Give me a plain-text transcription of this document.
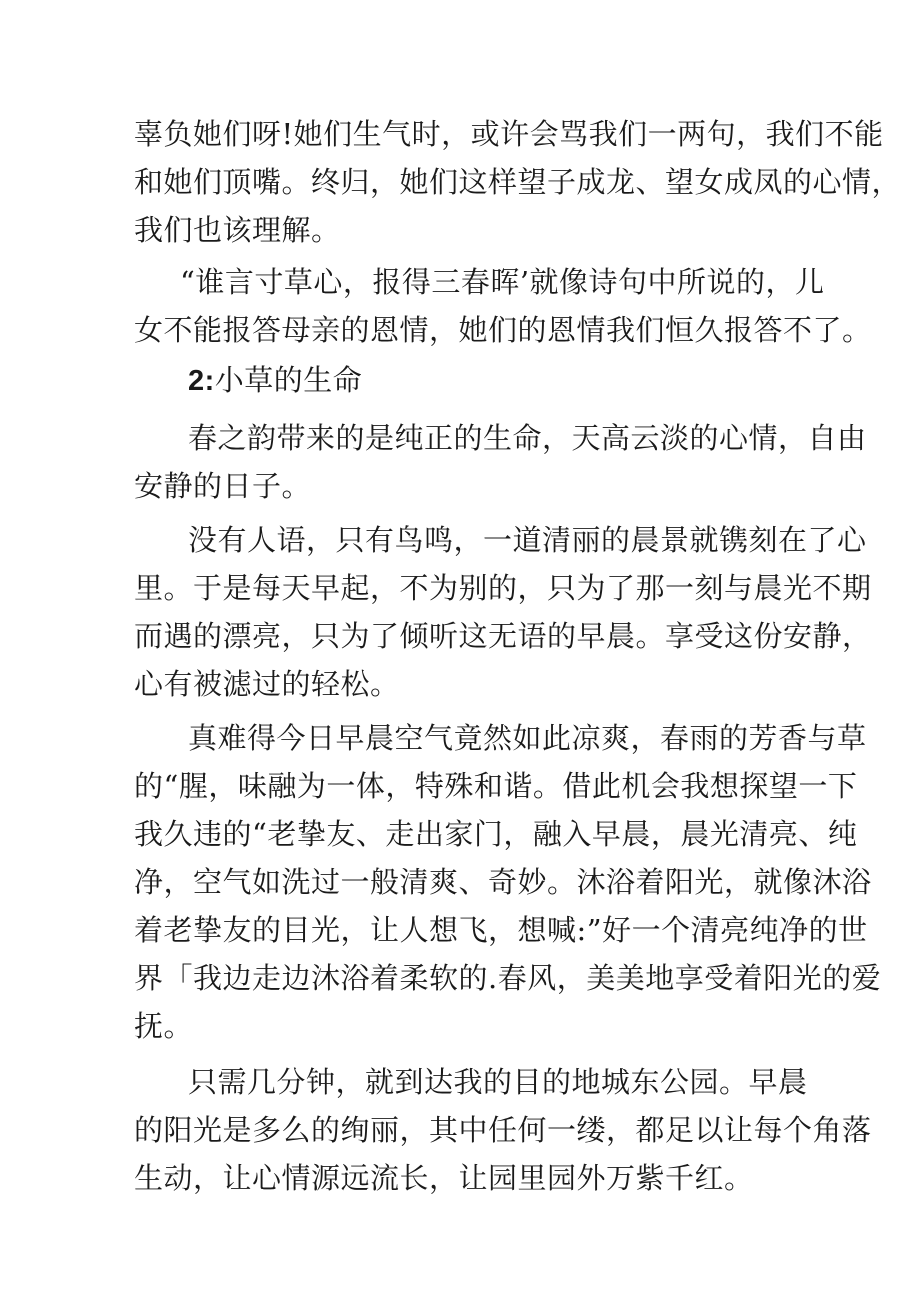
辜负她们呀!她们生气时，或许会骂我们一两句，我们不能
和她们顶嘴。终归，她们这样望子成龙、望女成凤的心情，
我们也该理解。
“谁言寸草心，报得三春晖’就像诗句中所说的，儿
女不能报答母亲的恩情，她们的恩情我们恒久报答不了。
2:小草的生命
春之韵带来的是纯正的生命，天高云淡的心情，自由
安静的日子。
没有人语，只有鸟鸣，一道清丽的晨景就镌刻在了心
里。于是每天早起，不为别的，只为了那一刻与晨光不期
而遇的漂亮，只为了倾听这无语的早晨。享受这份安静，
心有被滤过的轻松。
真难得今日早晨空气竟然如此凉爽，春雨的芳香与草
的“腥，味融为一体，特殊和谐。借此机会我想探望一下
我久违的“老挚友、走出家门，融入早晨，晨光清亮、纯
净，空气如洗过一般清爽、奇妙。沐浴着阳光，就像沐浴
着老挚友的目光，让人想飞，想喊:”好一个清亮纯净的世
界「我边走边沐浴着柔软的.春风，美美地享受着阳光的爱
抚。
只需几分钟，就到达我的目的地城东公园。早晨
的阳光是多么的绚丽，其中任何一缕，都足以让每个角落
生动，让心情源远流长，让园里园外万紫千红。
